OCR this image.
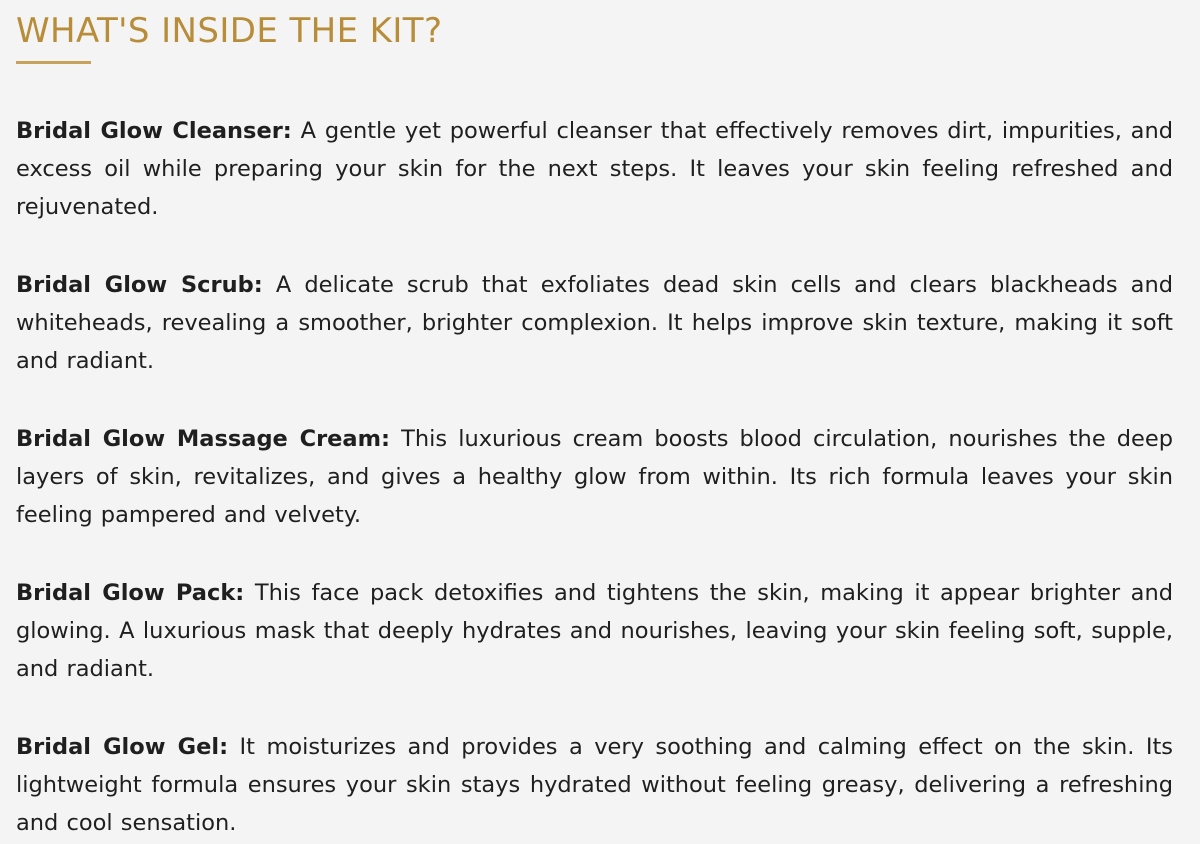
WHAT'S INSIDE THE KIT?

Bridal Glow Cleanser: A gentle yet powerful cleanser that effectively removes dirt, impurities, and excess oil while preparing your skin for the next steps. It leaves your skin feeling refreshed and rejuvenated.

Bridal Glow Scrub: A delicate scrub that exfoliates dead skin cells and clears blackheads and whiteheads, revealing a smoother, brighter complexion. It helps improve skin texture, making it soft and radiant.

Bridal Glow Massage Cream: This luxurious cream boosts blood circulation, nourishes the deep layers of skin, revitalizes, and gives a healthy glow from within. Its rich formula leaves your skin feeling pampered and velvety.

Bridal Glow Pack: This face pack detoxifies and tightens the skin, making it appear brighter and glowing. A luxurious mask that deeply hydrates and nourishes, leaving your skin feeling soft, supple, and radiant.

Bridal Glow Gel: It moisturizes and provides a very soothing and calming effect on the skin. Its lightweight formula ensures your skin stays hydrated without feeling greasy, delivering a refreshing and cool sensation.
